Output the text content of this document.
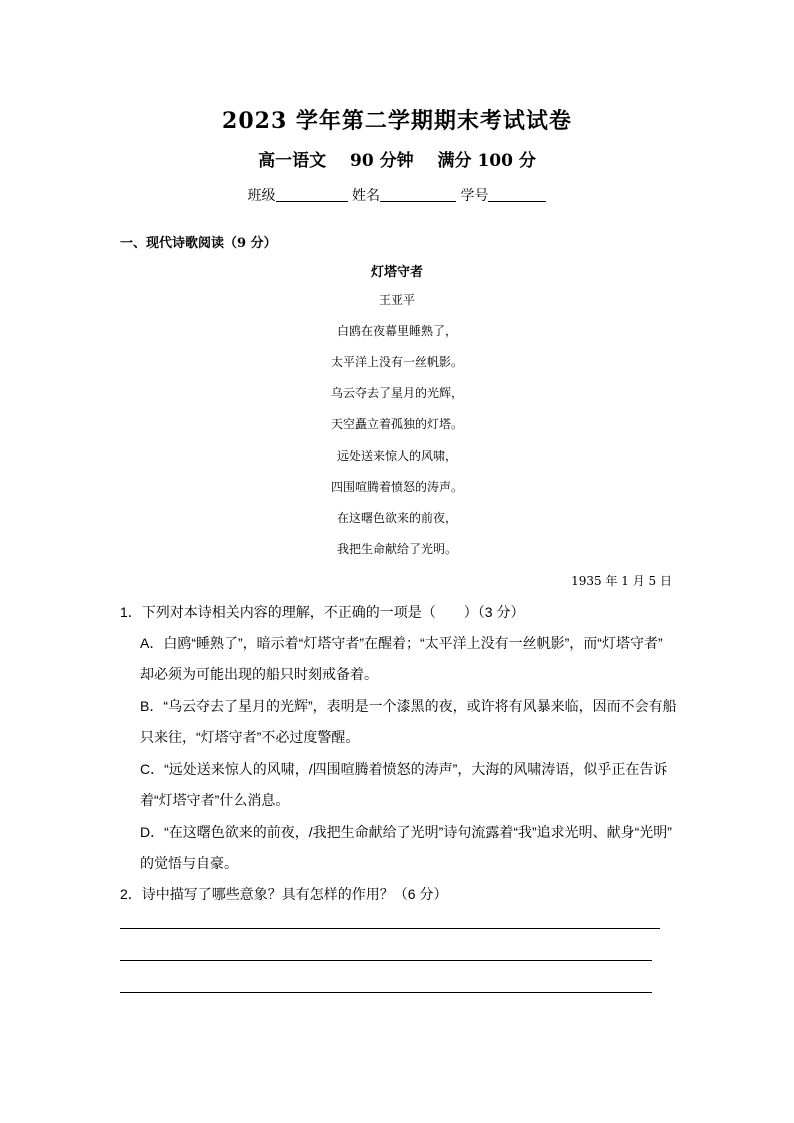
2023 学年第二学期期末考试试卷
高一语文 90 分钟 满分 100 分
班级	姓名	学号
一、现代诗歌阅读（9 分）
灯塔守者
王亚平
白鸥在夜幕里睡熟了，
太平洋上没有一丝帆影。
乌云夺去了星月的光辉，
天空矗立着孤独的灯塔。
远处送来惊人的风啸，
四围喧腾着愤怒的涛声。
在这曙色欲来的前夜，
我把生命献给了光明。
1935 年 1 月 5 日
1．下列对本诗相关内容的理解，不正确的一项是（　　）（3 分）
A．白鸥“睡熟了”，暗示着“灯塔守者”在醒着；“太平洋上没有一丝帆影”，而“灯塔守者”
却必须为可能出现的船只时刻戒备着。
B．“乌云夺去了星月的光辉”，表明是一个漆黑的夜，或许将有风暴来临，因而不会有船
只来往，“灯塔守者”不必过度警醒。
C．“远处送来惊人的风啸，/四围喧腾着愤怒的涛声”，大海的风啸涛语，似乎正在告诉
着“灯塔守者”什么消息。
D．“在这曙色欲来的前夜，/我把生命献给了光明”诗句流露着“我”追求光明、献身“光明”
的觉悟与自豪。
2．诗中描写了哪些意象？具有怎样的作用？（6 分）
